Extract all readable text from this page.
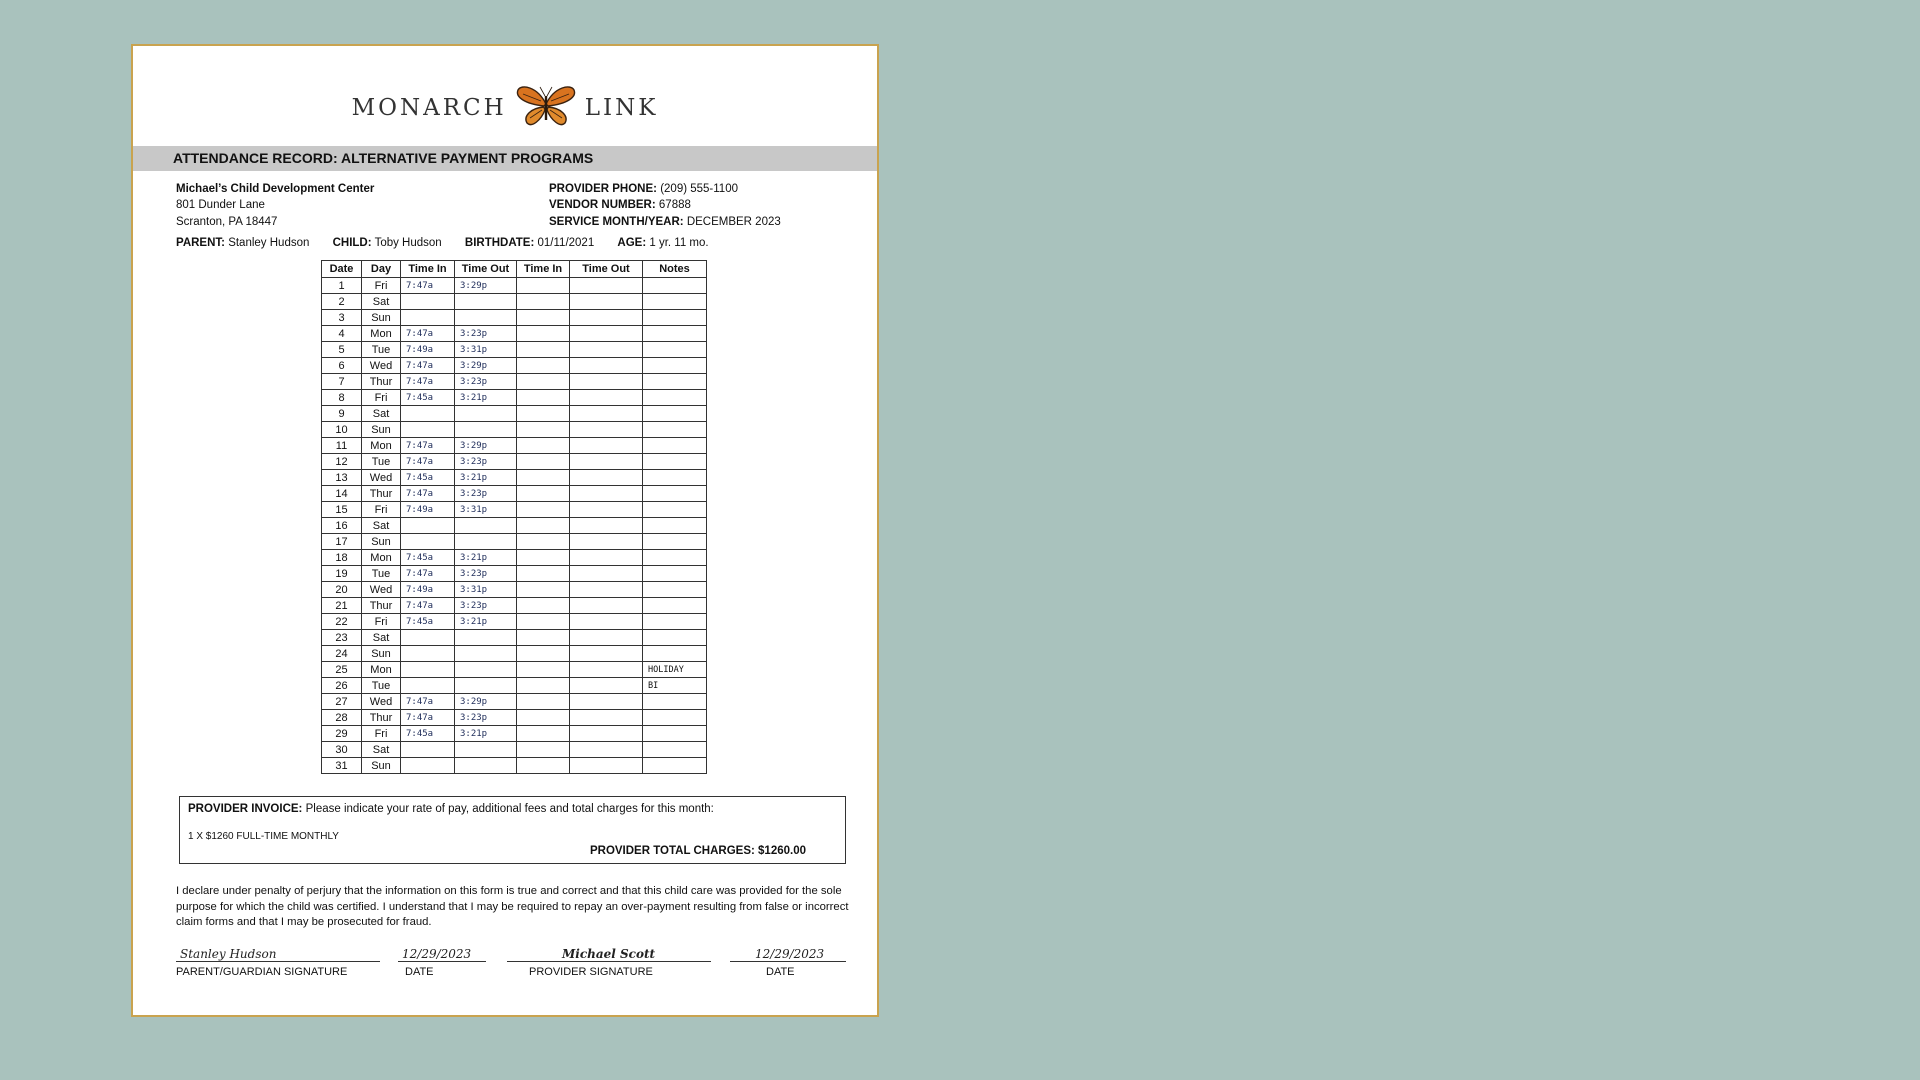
MONARCH	LINK
ATTENDANCE RECORD: ALTERNATIVE PAYMENT PROGRAMS
Michael’s Child Development Center
801 Dunder Lane
Scranton, PA 18447
PROVIDER PHONE: (209) 555-1100
VENDOR NUMBER: 67888
SERVICE MONTH/YEAR: DECEMBER 2023
PARENT: Stanley Hudson CHILD: Toby Hudson BIRTHDATE: 01/11/2021 AGE: 1 yr. 11 mo.
Date	Day	Time In	Time Out	Time In	Time Out	Notes
1	Fri	7:47a	3:29p			
2	Sat					
3	Sun					
4	Mon	7:47a	3:23p			
5	Tue	7:49a	3:31p			
6	Wed	7:47a	3:29p			
7	Thur	7:47a	3:23p			
8	Fri	7:45a	3:21p			
9	Sat					
10	Sun					
11	Mon	7:47a	3:29p			
12	Tue	7:47a	3:23p			
13	Wed	7:45a	3:21p			
14	Thur	7:47a	3:23p			
15	Fri	7:49a	3:31p			
16	Sat					
17	Sun					
18	Mon	7:45a	3:21p			
19	Tue	7:47a	3:23p			
20	Wed	7:49a	3:31p			
21	Thur	7:47a	3:23p			
22	Fri	7:45a	3:21p			
23	Sat					
24	Sun					
25	Mon					HOLIDAY
26	Tue					BI
27	Wed	7:47a	3:29p			
28	Thur	7:47a	3:23p			
29	Fri	7:45a	3:21p			
30	Sat					
31	Sun					
PROVIDER INVOICE: Please indicate your rate of pay, additional fees and total charges for this month:
1 X $1260 FULL-TIME MONTHLY
PROVIDER TOTAL CHARGES: $1260.00
I declare under penalty of perjury that the information on this form is true and correct and that this child care was provided for the sole purpose for which the child was certified. I understand that I may be required to repay an over-payment resulting from false or incorrect claim forms and that I may be prosecuted for fraud.
Stanley Hudson
PARENT/GUARDIAN SIGNATURE
12/29/2023
DATE
Michael Scott
PROVIDER SIGNATURE
12/29/2023
DATE
